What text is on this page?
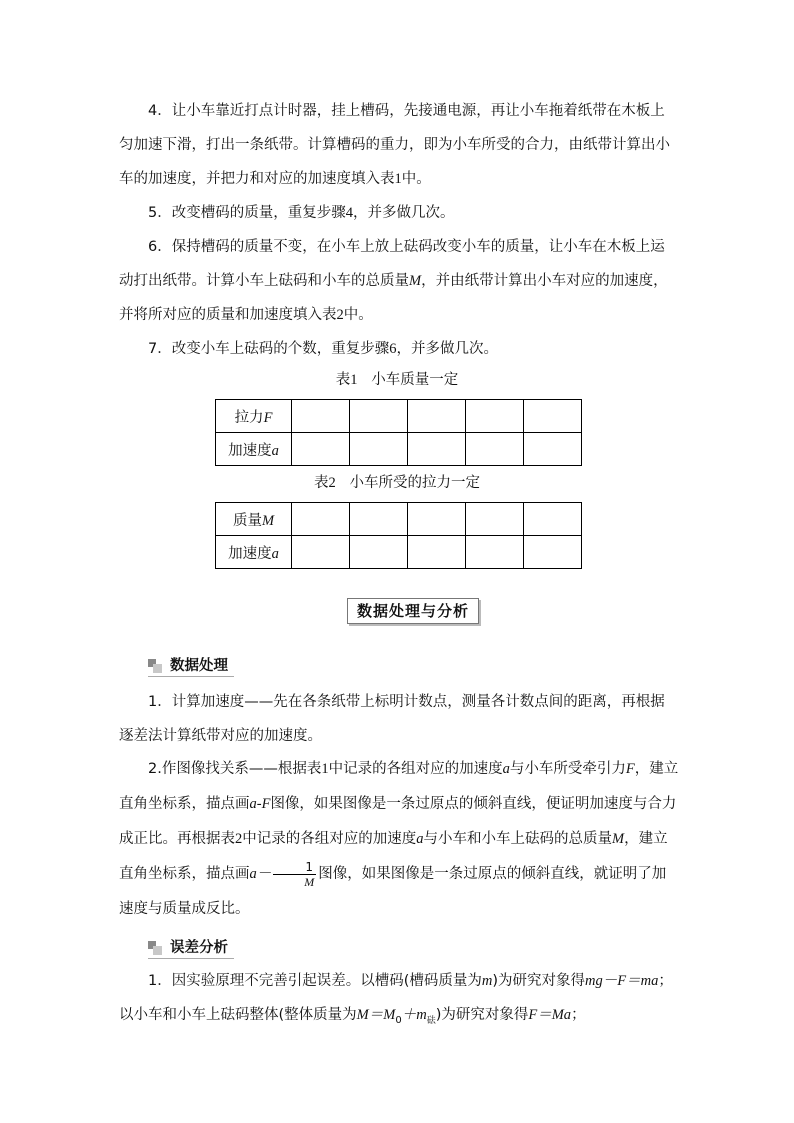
4．让小车靠近打点计时器，挂上槽码，先接通电源，再让小车拖着纸带在木板上匀加速下滑，打出一条纸带。计算槽码的重力，即为小车所受的合力，由纸带计算出小车的加速度，并把力和对应的加速度填入表1中。

5．改变槽码的质量，重复步骤4，并多做几次。

6．保持槽码的质量不变，在小车上放上砝码改变小车的质量，让小车在木板上运动打出纸带。计算小车上砝码和小车的总质量M，并由纸带计算出小车对应的加速度，并将所对应的质量和加速度填入表2中。

7．改变小车上砝码的个数，重复步骤6，并多做几次。

表1 小车质量一定
拉力F					
加速度a					
表2 小车所受的拉力一定
质量M					
加速度a					
数据处理与分析
数据处理

1．计算加速度——先在各条纸带上标明计数点，测量各计数点间的距离，再根据逐差法计算纸带对应的加速度。

2.作图像找关系——根据表1中记录的各组对应的加速度a与小车所受牵引力F，建立直角坐标系，描点画a-F图像，如果图像是一条过原点的倾斜直线，便证明加速度与合力成正比。再根据表2中记录的各组对应的加速度a与小车和小车上砝码的总质量M，建立直角坐标系，描点画$a- \frac{1}{M}$ 图像，如果图像是一条过原点的倾斜直线，就证明了加速度与质量成反比。

误差分析

1．因实验原理不完善引起误差。以槽码(槽码质量为m)为研究对象得mg－F＝ma；以小车和小车上砝码整体(整体质量为$M=M_0+m_砝$)为研究对象得F＝Ma；
